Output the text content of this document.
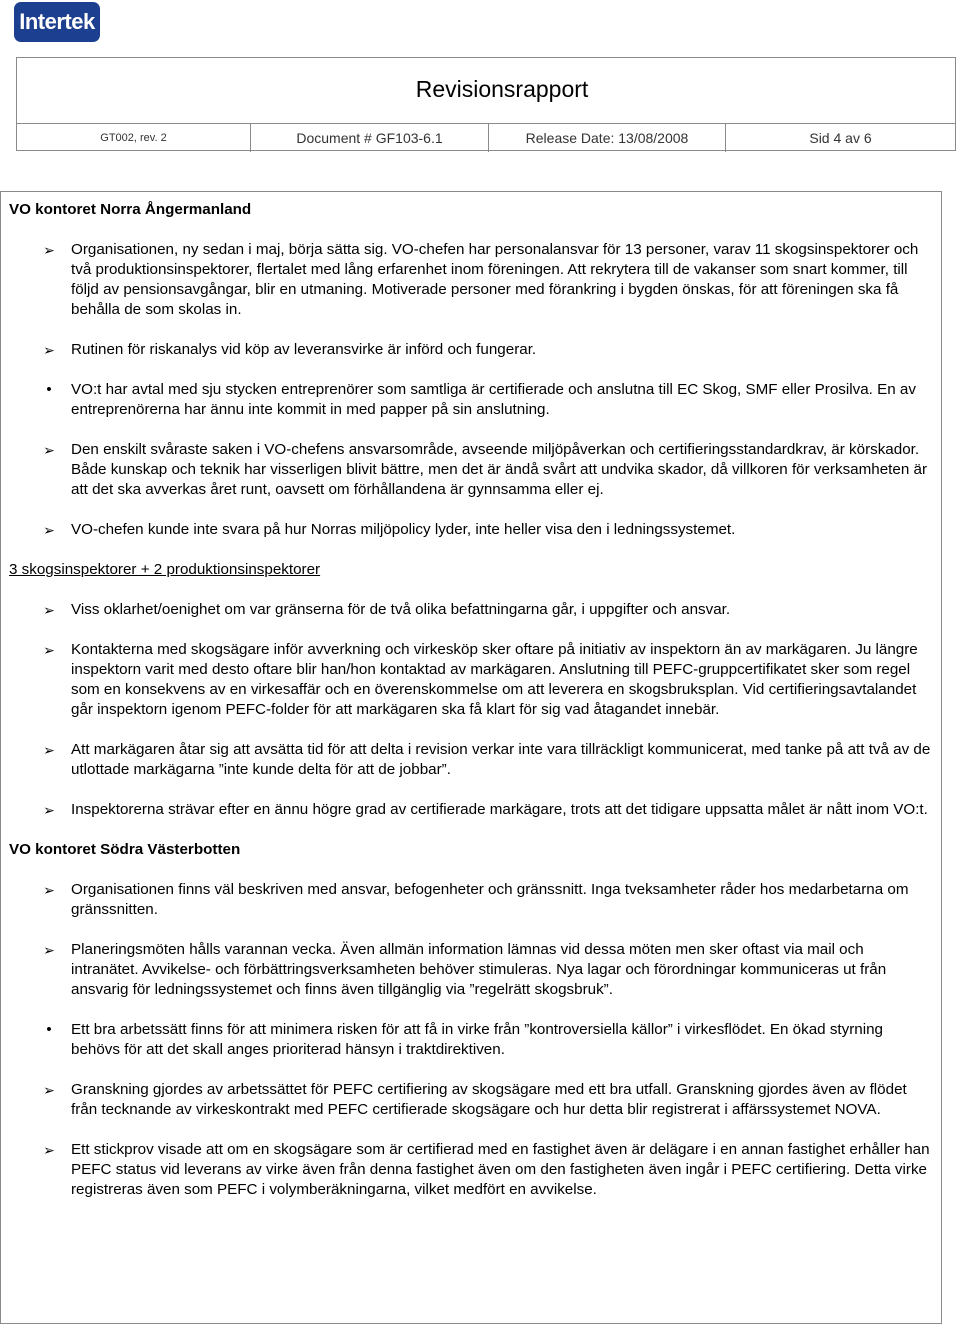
Intertek
Revisionsrapport
GT002, rev. 2	Document # GF103-6.1	Release Date: 13/08/2008	Sid 4 av 6
VO kontoret Norra Ångermanland
➢
Organisationen, ny sedan i maj, börja sätta sig. VO-chefen har personalansvar för 13 personer, varav 11 skogsinspektorer och två produktionsinspektorer, flertalet med lång erfarenhet inom föreningen. Att rekrytera till de vakanser som snart kommer, till följd av pensionsavgångar, blir en utmaning. Motiverade personer med förankring i bygden önskas, för att föreningen ska få behålla de som skolas in.
➢
Rutinen för riskanalys vid köp av leveransvirke är införd och fungerar.
•
VO:t har avtal med sju stycken entreprenörer som samtliga är certifierade och anslutna till EC Skog, SMF eller Prosilva. En av entreprenörerna har ännu inte kommit in med papper på sin anslutning.
➢
Den enskilt svåraste saken i VO-chefens ansvarsområde, avseende miljöpåverkan och certifieringsstandardkrav, är körskador. Både kunskap och teknik har visserligen blivit bättre, men det är ändå svårt att undvika skador, då villkoren för verksamheten är att det ska avverkas året runt, oavsett om förhållandena är gynnsamma eller ej.
➢
VO-chefen kunde inte svara på hur Norras miljöpolicy lyder, inte heller visa den i ledningssystemet.
3 skogsinspektorer + 2 produktionsinspektorer
➢
Viss oklarhet/oenighet om var gränserna för de två olika befattningarna går, i uppgifter och ansvar.
➢
Kontakterna med skogsägare inför avverkning och virkesköp sker oftare på initiativ av inspektorn än av markägaren. Ju längre inspektorn varit med desto oftare blir han/hon kontaktad av markägaren. Anslutning till PEFC-gruppcertifikatet sker som regel som en konsekvens av en virkesaffär och en överenskommelse om att leverera en skogsbruksplan. Vid certifieringsavtalandet går inspektorn igenom PEFC-folder för att markägaren ska få klart för sig vad åtagandet innebär.
➢
Att markägaren åtar sig att avsätta tid för att delta i revision verkar inte vara tillräckligt kommunicerat, med tanke på att två av de utlottade markägarna ”inte kunde delta för att de jobbar”.
➢
Inspektorerna strävar efter en ännu högre grad av certifierade markägare, trots att det tidigare uppsatta målet är nått inom VO:t.
VO kontoret Södra Västerbotten
➢
Organisationen finns väl beskriven med ansvar, befogenheter och gränssnitt. Inga tveksamheter råder hos medarbetarna om gränssnitten.
➢
Planeringsmöten hålls varannan vecka. Även allmän information lämnas vid dessa möten men sker oftast via mail och intranätet. Avvikelse- och förbättringsverksamheten behöver stimuleras. Nya lagar och förordningar kommuniceras ut från ansvarig för ledningssystemet och finns även tillgänglig via ”regelrätt skogsbruk”.
•
Ett bra arbetssätt finns för att minimera risken för att få in virke från ”kontroversiella källor” i virkesflödet. En ökad styrning behövs för att det skall anges prioriterad hänsyn i traktdirektiven.
➢
Granskning gjordes av arbetssättet för PEFC certifiering av skogsägare med ett bra utfall. Granskning gjordes även av flödet från tecknande av virkeskontrakt med PEFC certifierade skogsägare och hur detta blir registrerat i affärssystemet NOVA.
➢
Ett stickprov visade att om en skogsägare som är certifierad med en fastighet även är delägare i en annan fastighet erhåller han PEFC status vid leverans av virke även från denna fastighet även om den fastigheten även ingår i PEFC certifiering. Detta virke registreras även som PEFC i volymberäkningarna, vilket medfört en avvikelse.
